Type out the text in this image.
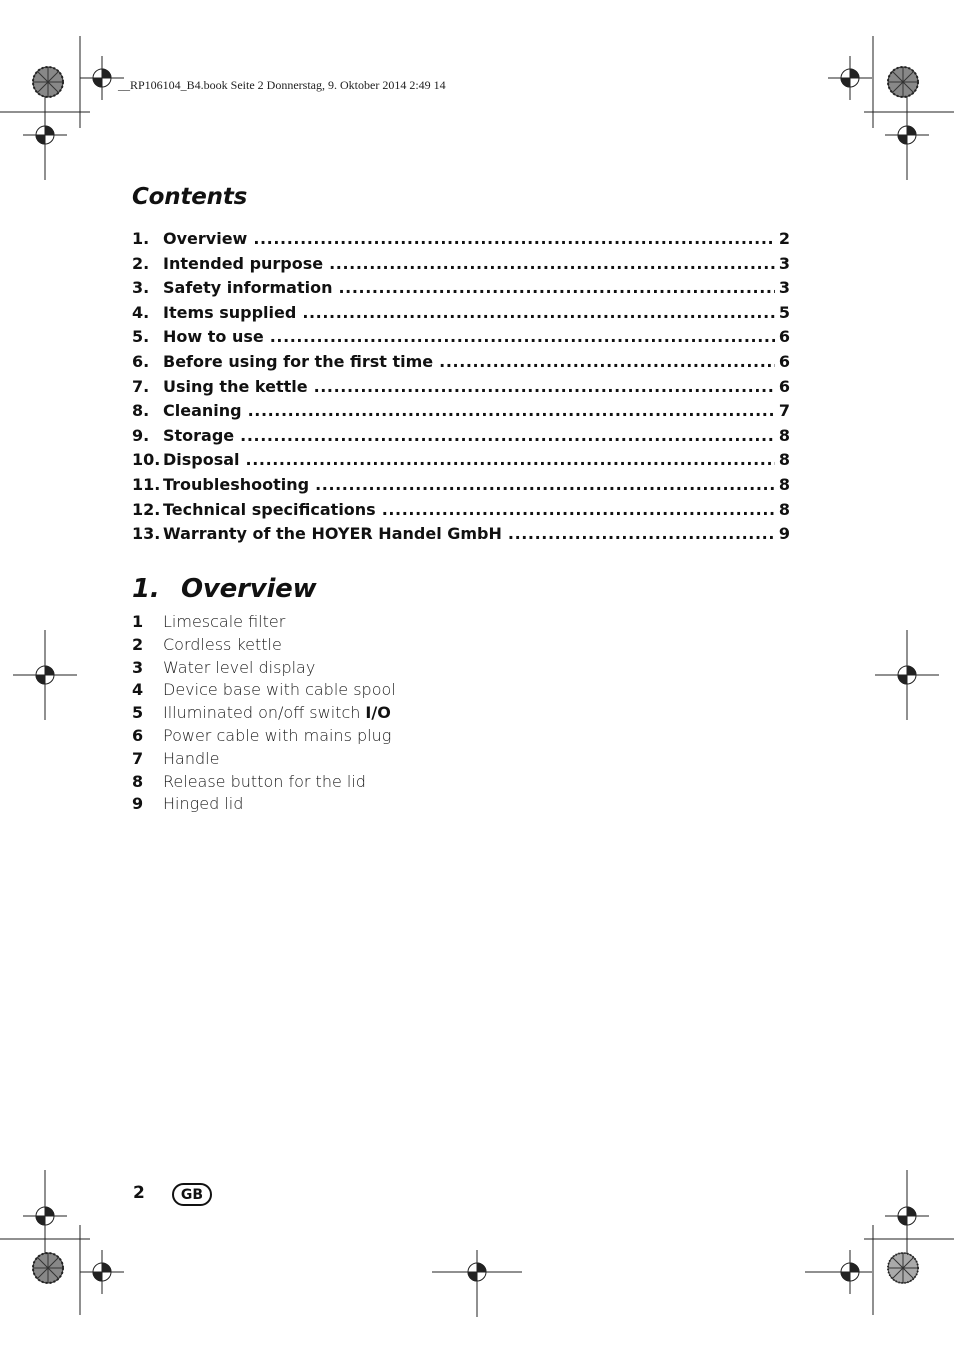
__RP106104_B4.book Seite 2 Donnerstag, 9. Oktober 2014 2:49 14
Contents
1. Overview .....	2
2. Intended purpose .....	3
3. Safety information .....	3
4. Items supplied .....	5
5. How to use .....	6
6. Before using for the first time .....	6
7. Using the kettle .....	6
8. Cleaning .....	7
9. Storage .....	8
10. Disposal .....	8
11. Troubleshooting .....	8
12. Technical specifications .....	8
13. Warranty of the HOYER Handel GmbH .....	9
1. Overview
1	Limescale filter
2	Cordless kettle
3	Water level display
4	Device base with cable spool
5	Illuminated on/off switch I/O
6	Power cable with mains plug
7	Handle
8	Release button for the lid
9	Hinged lid
2	GB
